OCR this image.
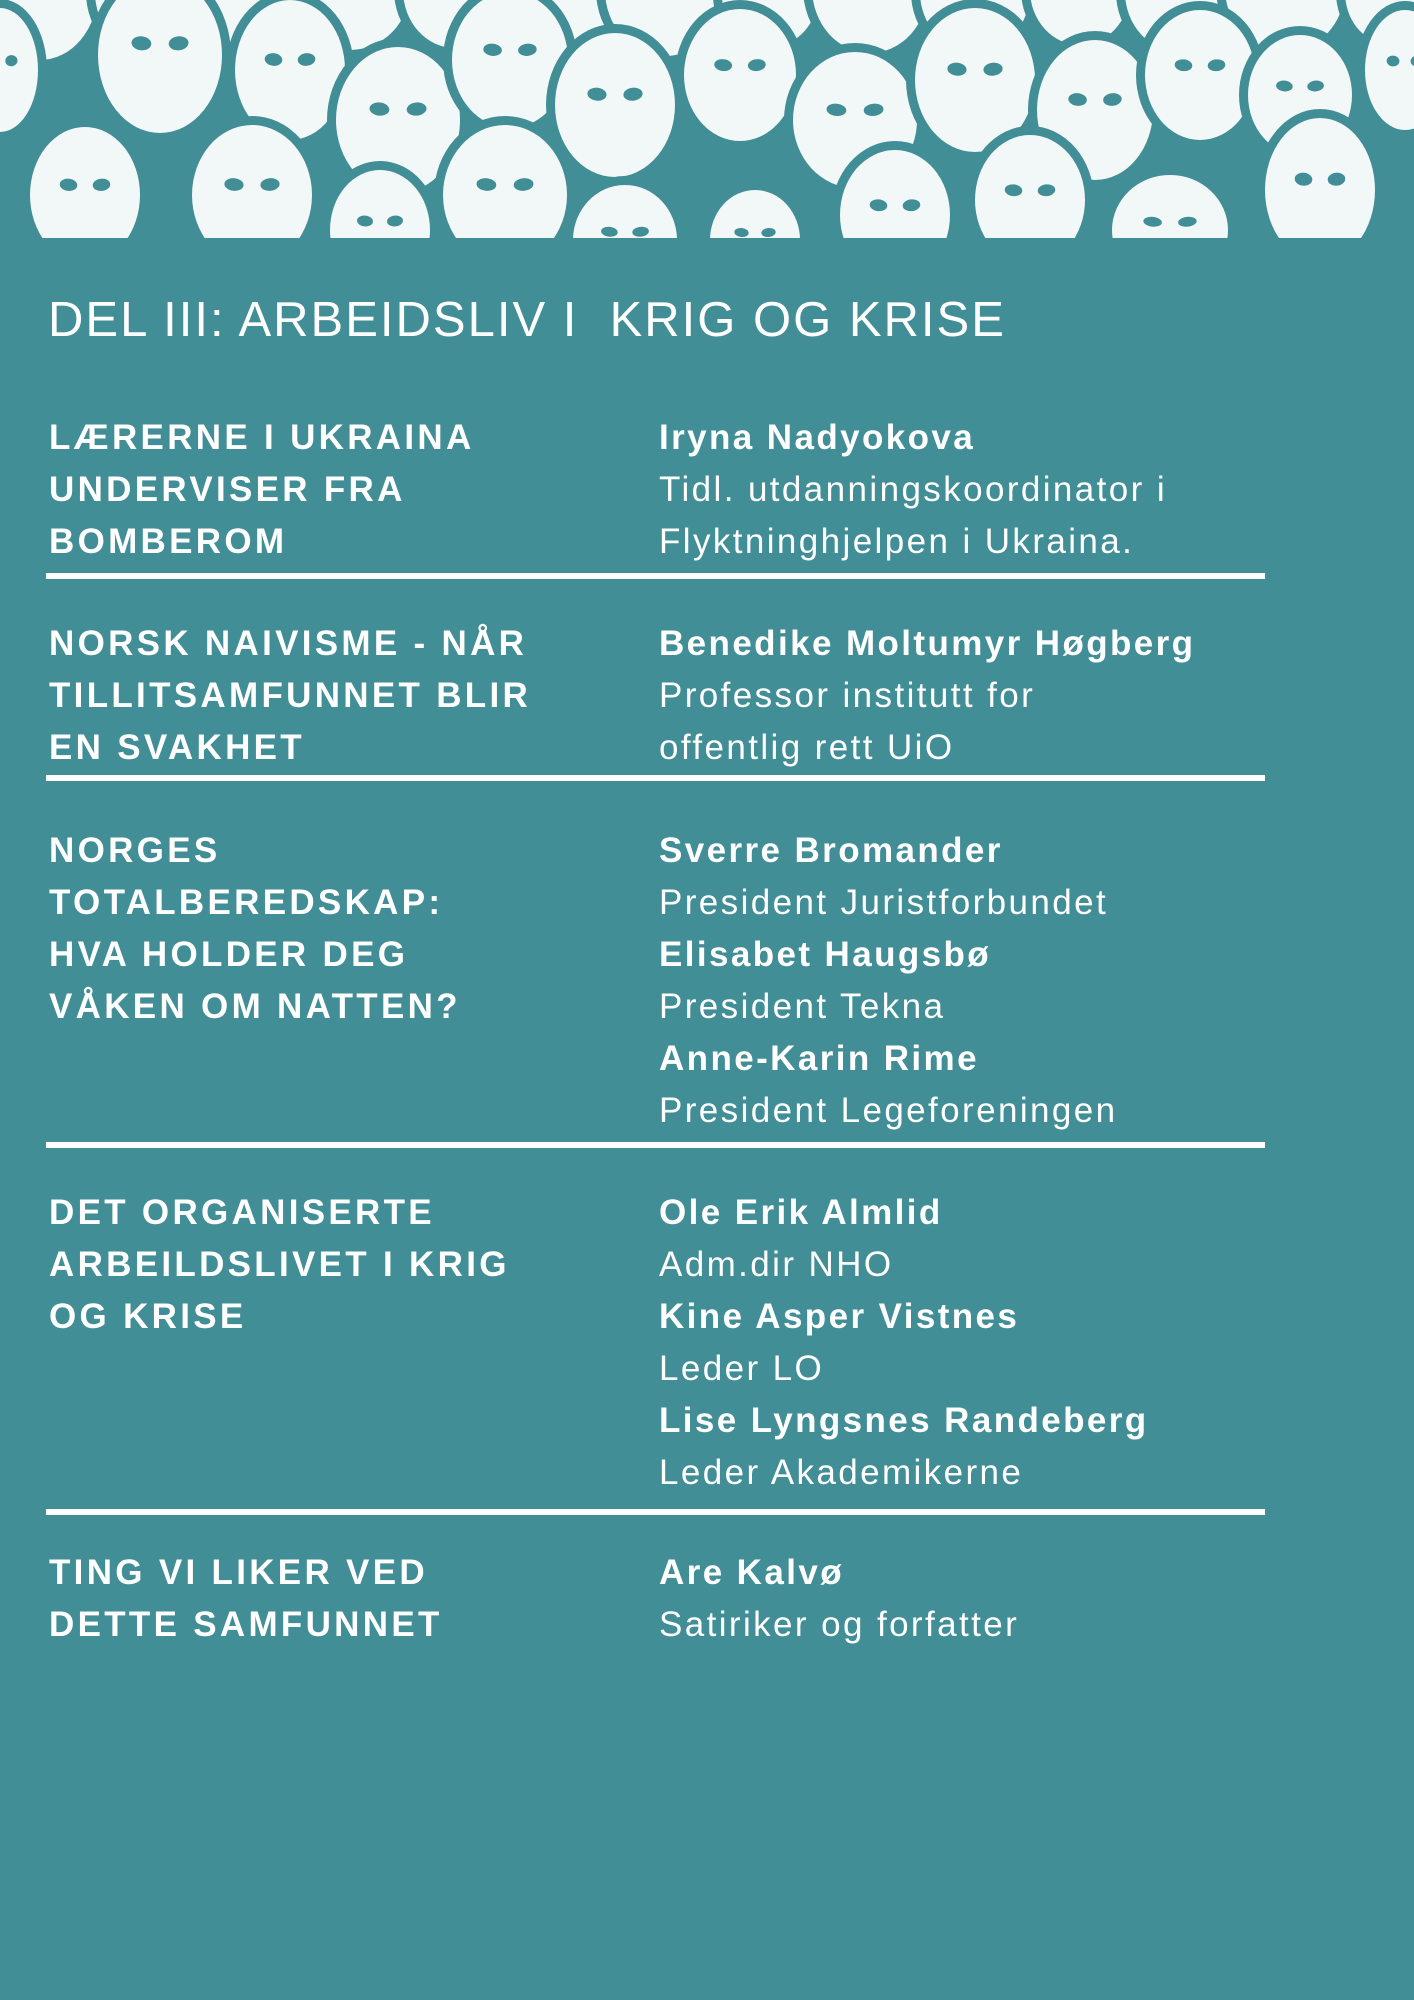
DEL III: ARBEIDSLIV I  KRIG OG KRISE
LÆRERNE I UKRAINA
UNDERVISER FRA
BOMBEROM
Iryna Nadyokova
Tidl. utdanningskoordinator i
Flyktninghjelpen i Ukraina.
NORSK NAIVISME - NÅR
TILLITSAMFUNNET BLIR
EN SVAKHET
Benedike Moltumyr Høgberg
Professor institutt for
offentlig rett UiO
NORGES
TOTALBEREDSKAP:
HVA HOLDER DEG
VÅKEN OM NATTEN?
Sverre Bromander
President Juristforbundet
Elisabet Haugsbø
President Tekna
Anne-Karin Rime
President Legeforeningen
DET ORGANISERTE
ARBEILDSLIVET I KRIG
OG KRISE
Ole Erik Almlid
Adm.dir NHO
Kine Asper Vistnes
Leder LO
Lise Lyngsnes Randeberg
Leder Akademikerne
TING VI LIKER VED
DETTE SAMFUNNET
Are Kalvø
Satiriker og forfatter
